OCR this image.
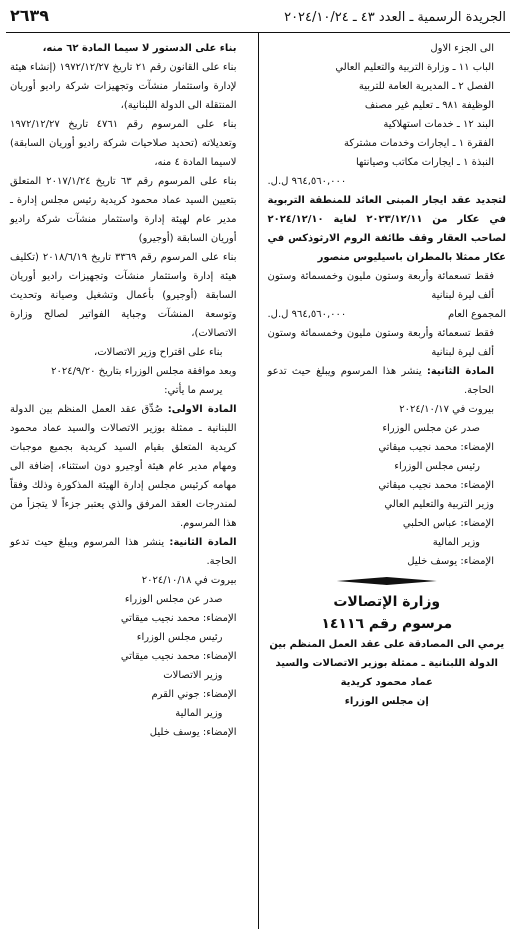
الجريدة الرسمية ـ العدد ٤٣ ـ ٢٠٢٤/١٠/٢٤
٢٦٣٩

الى الجزء الاول

الباب ١١ ـ وزارة التربية والتعليم العالي

الفصل ٢ ـ المديرية العامة للتربية

الوظيفة ٩٨١ ـ تعليم غير مصنف

البند ١٢ ـ خدمات استهلاكية

الفقرة ١ ـ ايجارات وخدمات مشتركة

النبذة ١ ـ ايجارات مكاتب وصيانتها

٩٦٤,٥٦٠,٠٠٠ ل.ل.

لتجديد عقد ايجار المبنى العائد للمنطقة التربوية في عكار من ٢٠٢٣/١٢/١١ لغاية ٢٠٢٤/١٢/١٠ لصاحب العقار وقف طائفة الروم الارثوذكس في عكار ممثلا بالمطران باسيليوس منصور

فقط تسعمائة وأربعة وستون مليون وخمسمائة وستون ألف ليرة لبنانية

المجموع العام
٩٦٤,٥٦٠,٠٠٠ ل.ل.

فقط تسعمائة وأربعة وستون مليون وخمسمائة وستون ألف ليرة لبنانية

المادة الثانية: ينشر هذا المرسوم ويبلغ حيث تدعو الحاجة.

بيروت في ٢٠٢٤/١٠/١٧

صدر عن مجلس الوزراء

الإمضاء: محمد نجيب ميقاتي

رئيس مجلس الوزراء

الإمضاء: محمد نجيب ميقاتي

وزير التربية والتعليم العالي

الإمضاء: عباس الحلبي

وزير المالية

الإمضاء: يوسف خليل

وزارة الإتصالات

مرسوم رقم ١٤١١٦

يرمي الى المصادقة على عقد العمل المنظم بين الدولة اللبنانية ـ ممثلة بوزير الاتصالات والسيد عماد محمود كريدية

إن مجلس الوزراء

بناء على الدستور لا سيما المادة ٦٢ منه،

بناء على القانون رقم ٢١ تاريخ ١٩٧٢/١٢/٢٧ (إنشاء هيئة لإدارة واستثمار منشآت وتجهيزات شركة راديو أوريان المنتقلة الى الدولة اللبنانية)،

بناء على المرسوم رقم ٤٧٦١ تاريخ ١٩٧٢/١٢/٢٧ وتعديلاته (تحديد صلاحيات شركة راديو أوريان السابقة) لاسيما المادة ٤ منه،

بناء على المرسوم رقم ٦٣ تاريخ ٢٠١٧/١/٢٤ المتعلق بتعيين السيد عماد محمود كريدية رئيس مجلس إدارة ـ مدير عام لهيئة إدارة واستثمار منشآت شركة راديو أوريان السابقة (أوجيرو)

بناء على المرسوم رقم ٣٣٦٩ تاريخ ٢٠١٨/٦/١٩ (تكليف هيئة إدارة واستثمار منشآت وتجهيزات راديو أوريان السابقة (أوجيرو) بأعمال وتشغيل وصيانة وتحديث وتوسعة المنشآت وجباية الفواتير لصالح وزارة الاتصالات)،

بناء على اقتراح وزير الاتصالات،

وبعد موافقة مجلس الوزراء بتاريخ ٢٠٢٤/٩/٢٠

يرسم ما يأتي:

المادة الاولى: صُدِّق عقد العمل المنظم بين الدولة اللبنانية ـ ممثلة بوزير الاتصالات والسيد عماد محمود كريدية المتعلق بقيام السيد كريدية بجميع موجبات ومهام مدير عام هيئة أوجيرو دون استثناء، إضافة الى مهامه كرئيس مجلس إدارة الهيئة المذكورة وذلك وفقاً لمندرجات العقد المرفق والذي يعتبر جزءاً لا يتجزأ من هذا المرسوم.

المادة الثانية: ينشر هذا المرسوم ويبلغ حيث تدعو الحاجة.

بيروت في ٢٠٢٤/١٠/١٨

صدر عن مجلس الوزراء

الإمضاء: محمد نجيب ميقاتي

رئيس مجلس الوزراء

الإمضاء: محمد نجيب ميقاتي

وزير الاتصالات

الإمضاء: جوني القرم

وزير المالية

الإمضاء: يوسف خليل
